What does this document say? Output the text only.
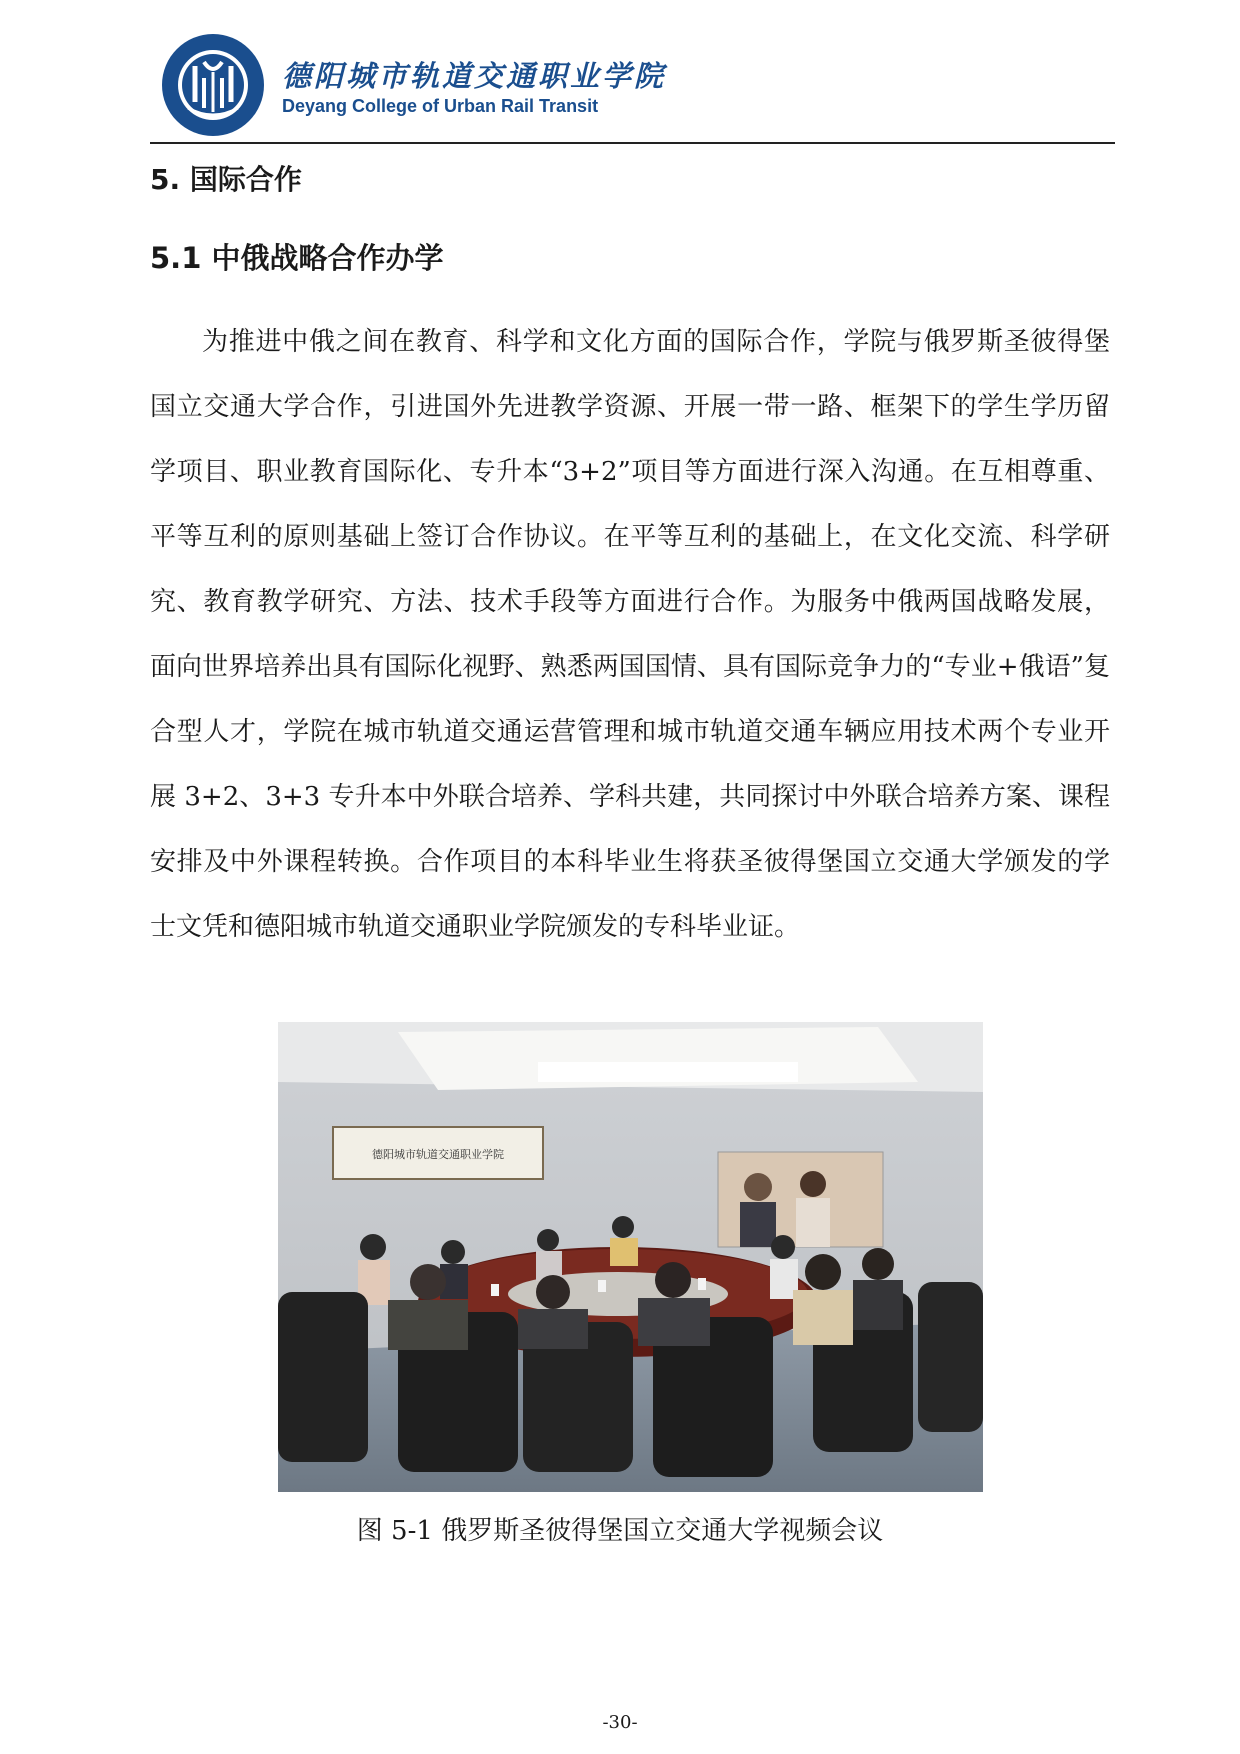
德阳城市轨道交通职业学院
Deyang College of Urban Rail Transit
5. 国际合作
5.1 中俄战略合作办学
为推进中俄之间在教育、科学和文化方面的国际合作，学院与俄罗斯圣彼得堡国立交通大学合作，引进国外先进教学资源、开展一带一路、框架下的学生学历留学项目、职业教育国际化、专升本“3+2”项目等方面进行深入沟通。在互相尊重、平等互利的原则基础上签订合作协议。在平等互利的基础上，在文化交流、科学研究、教育教学研究、方法、技术手段等方面进行合作。为服务中俄两国战略发展，面向世界培养出具有国际化视野、熟悉两国国情、具有国际竞争力的“专业+俄语”复合型人才，学院在城市轨道交通运营管理和城市轨道交通车辆应用技术两个专业开展 3+2、3+3 专升本中外联合培养、学科共建，共同探讨中外联合培养方案、课程安排及中外课程转换。合作项目的本科毕业生将获圣彼得堡国立交通大学颁发的学士文凭和德阳城市轨道交通职业学院颁发的专科毕业证。
德阳城市轨道交通职业学院
图 5-1 俄罗斯圣彼得堡国立交通大学视频会议
-30-
